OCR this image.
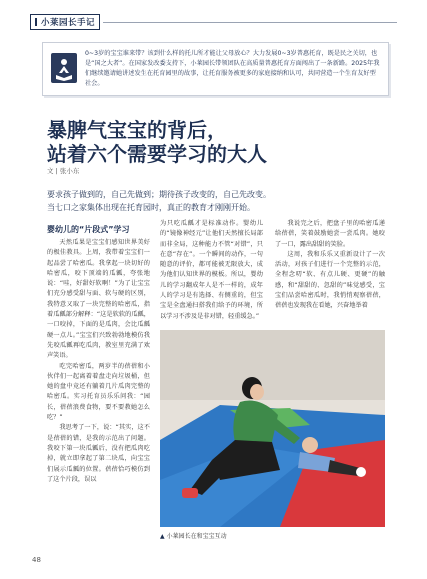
小莱园长手记
0~3岁的宝宝谁来带？该到什么样的托儿所才能让父母放心？大力发展0~3岁普惠托育，既是民之关切，也是“国之大者”。在国家发改委支持下，小莱园长带领团队在高质量普惠托育方面闯出了一条新路。2025年我们继续邀请她讲述发生在托育园里的故事，让托育服务被更多的家庭接纳和认可，共同营造一个生育友好型社会。
暴脾气宝宝的背后，
站着六个需要学习的大人
文 | 张小东
要求孩子做到的，自己先做到；期待孩子改变的，自己先改变。
当七口之家集体出现在托育园时，真正的教育才刚刚开始。
婴幼儿的“片段式”学习

天然瓜果是宝宝们感知世界美好的极佳教具。上周，我带着宝宝们一起品尝了哈密瓜。我拿起一块切好的哈密瓜，咬下顶端的瓜瓤，夸张地说：“哇，好甜好软啊！”为了让宝宝们充分感受甜与面、软与硬的区别，我特意又取了一块完整的哈密瓜，指着瓜瓤部分解释：“这是软软的瓜瓤，一口咬掉，下面的是瓜肉，会比瓜瓤硬一点儿。”宝宝们兴致勃勃地模仿我先咬瓜瓤再吃瓜肉，教室里充满了欢声笑语。

吃完哈密瓜，两岁半的蓓蓓和小伙伴们一起离着着盘走向垃圾桶，但她的盘中竟还有躺着几片瓜肉完整的哈密瓜。实习托育员乐乐问我：“园长，蓓蓓浪费食物，要不要教她怎么吃？”

我思考了一下，说：“其实，这不是蓓蓓的错，是我的示范出了问题。我咬下第一块瓜瓤后，没有把瓜肉吃掉，就立即拿起了第二块瓜，向宝宝们展示瓜瓤的位置。蓓蓓恰巧模仿到了这个片段，误以

为只吃瓜瓤才是标准动作。婴幼儿的“镜像神经元”让他们天然擅长局部而非全局，这种能力不管“对错”，只在意“存在”。一个瞬间的动作，一句随意的评价，都可能被无限放大，成为他们认知世界的模板。所以，婴幼儿的学习翻成年人是不一样的，成年人的学习是有选择、有侧重的，但宝宝是全盘通扫搭我们给予的环境，所以学习不涉及是非对错，轻重缓急。”

我说完之后，把盘子里的哈密瓜递给蓓蓓，笑着鼓励她尝一尝瓜肉。她咬了一口，露出甜甜的笑脸。

这周，我和乐乐又重新设计了一次活动，对孩子们进行一个完整的示范，全程念叨“软、有点儿硬、更硬”的触感，和“甜甜的、忽甜的”味觉感受，宝宝们品尝哈密瓜时，我悄悄观察蓓蓓，蓓蓓也发现我在看她，兴奋地举着

▲ 小莱园长在和宝宝互动
48
